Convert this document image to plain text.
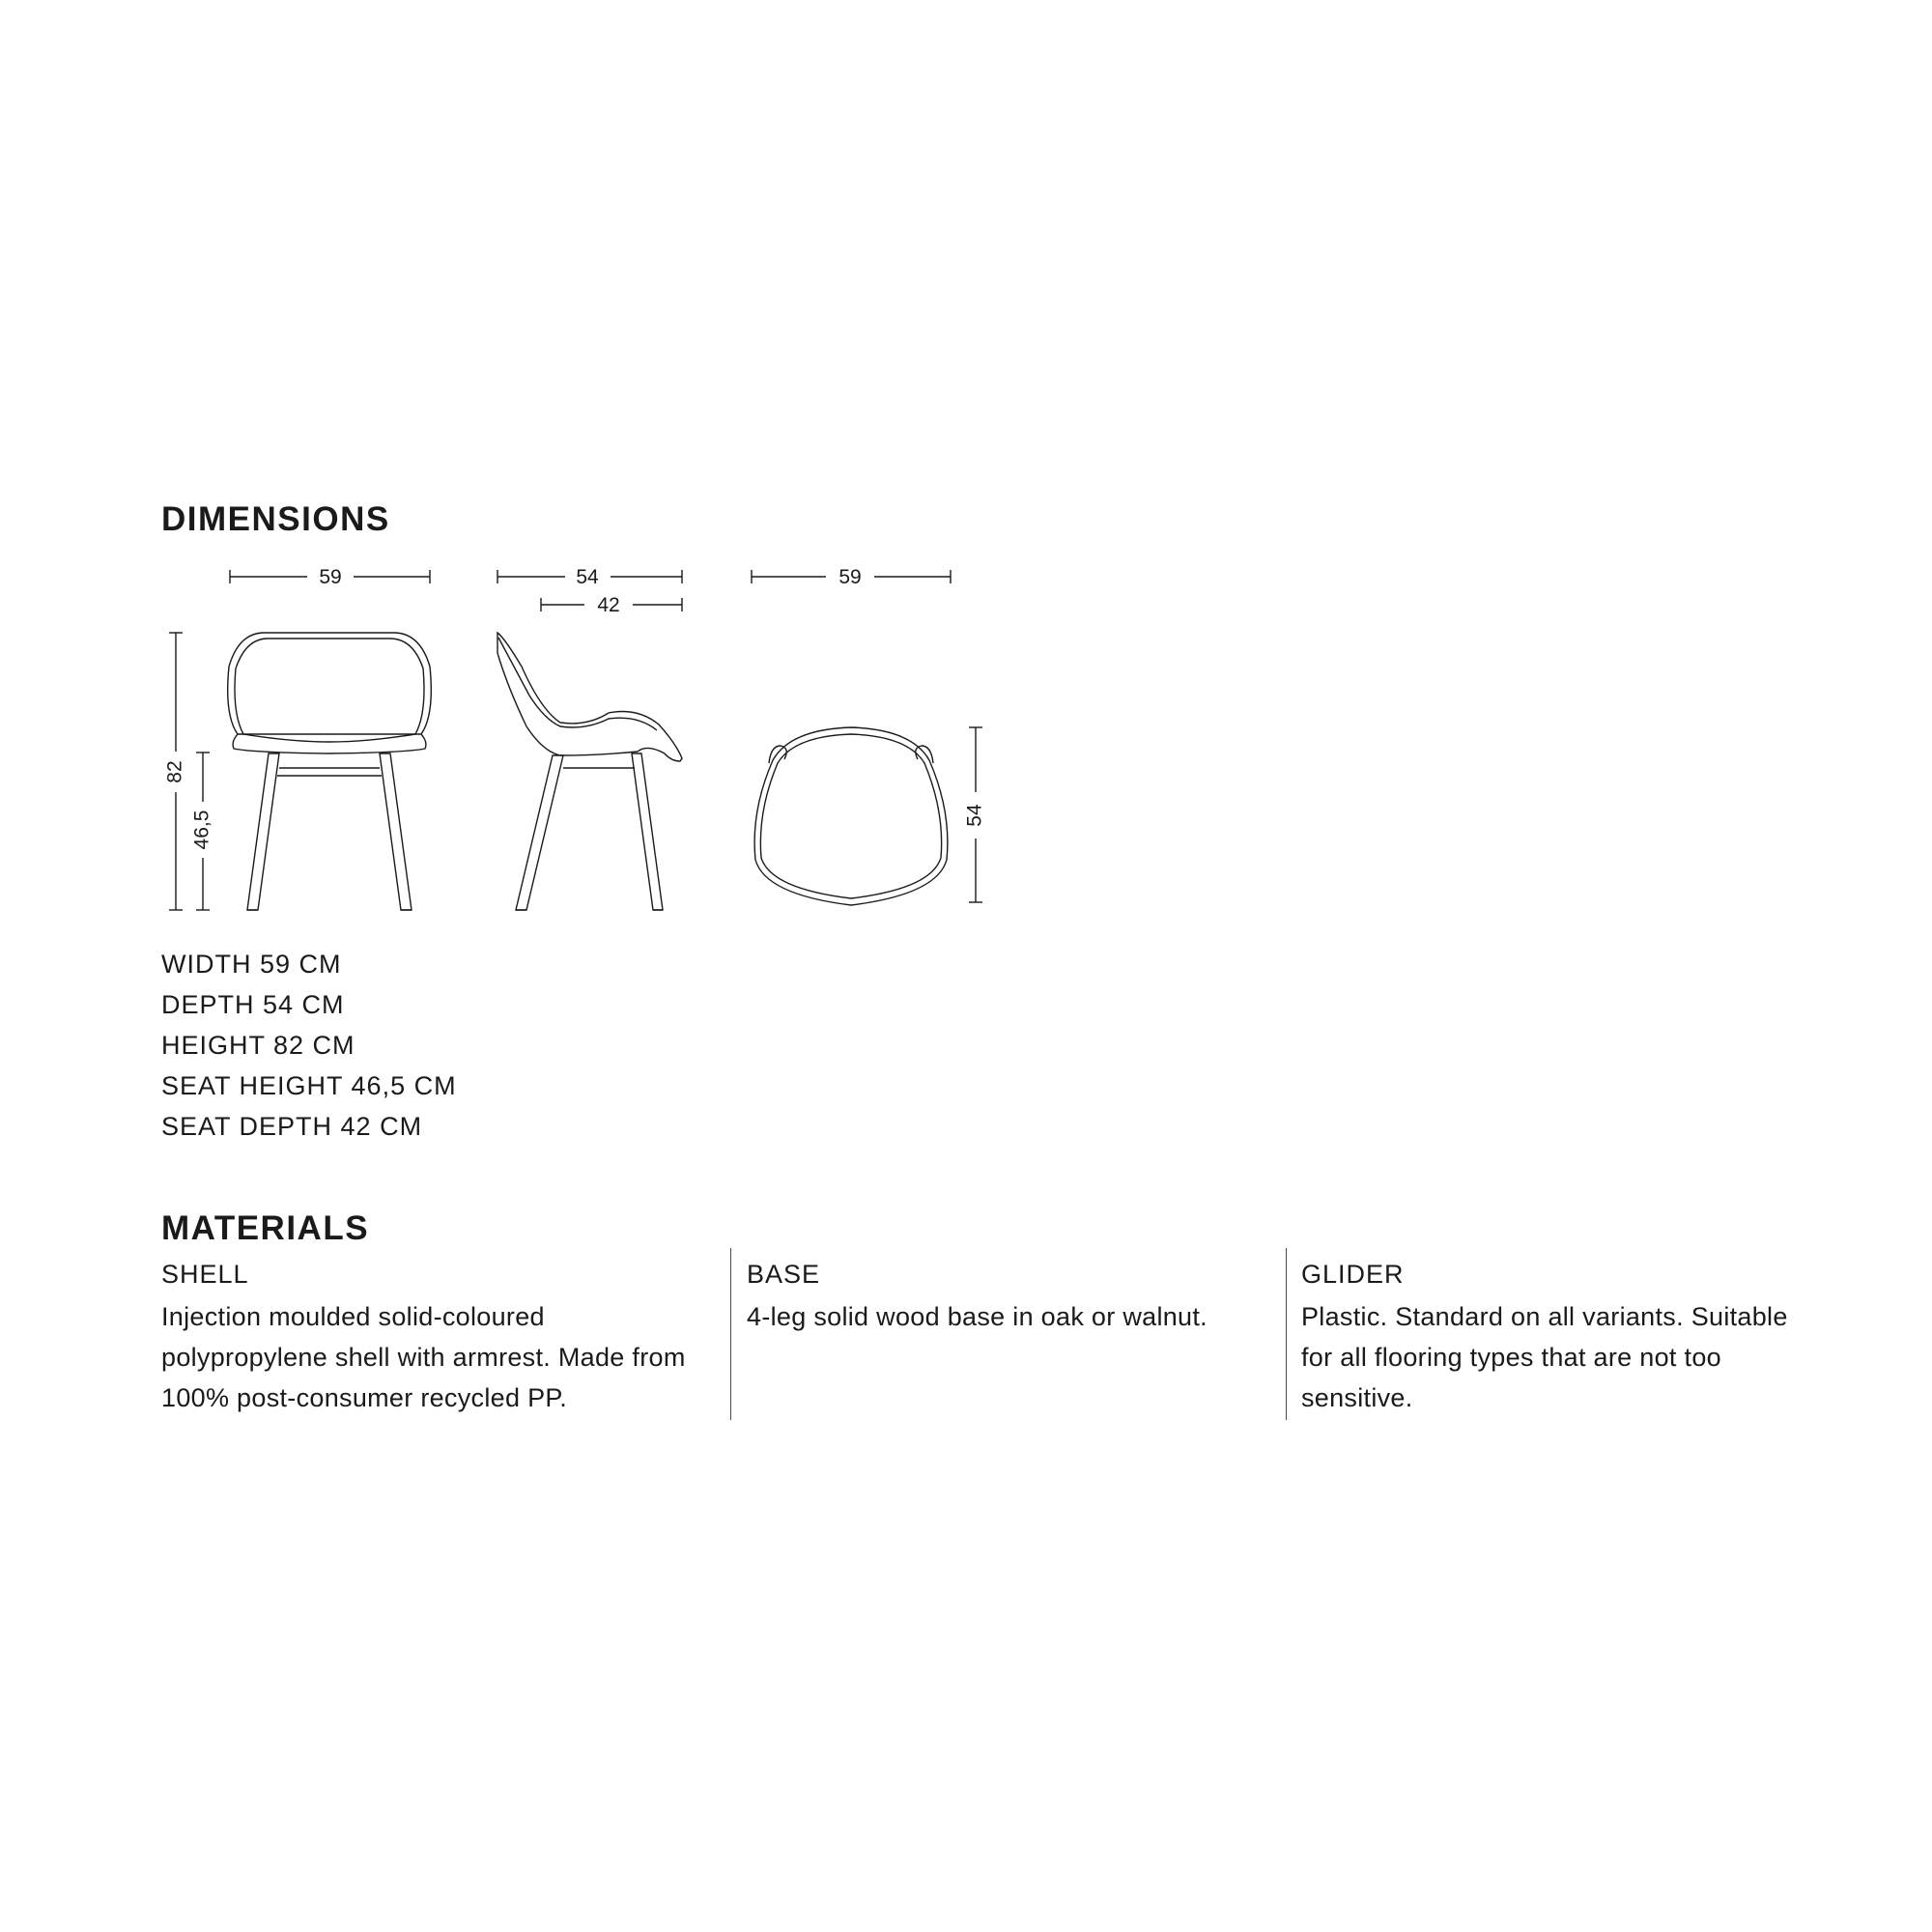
DIMENSIONS
59
82
46,5
54
42
59
54
WIDTH 59 CM
DEPTH 54 CM
HEIGHT 82 CM
SEAT HEIGHT 46,5 CM
SEAT DEPTH 42 CM
MATERIALS
SHELL
Injection moulded solid-coloured polypropylene shell with armrest. Made from 100% post-consumer recycled PP.
BASE
4-leg solid wood base in oak or walnut.
GLIDER
Plastic. Standard on all variants. Suitable for all flooring types that are not too sensitive.
